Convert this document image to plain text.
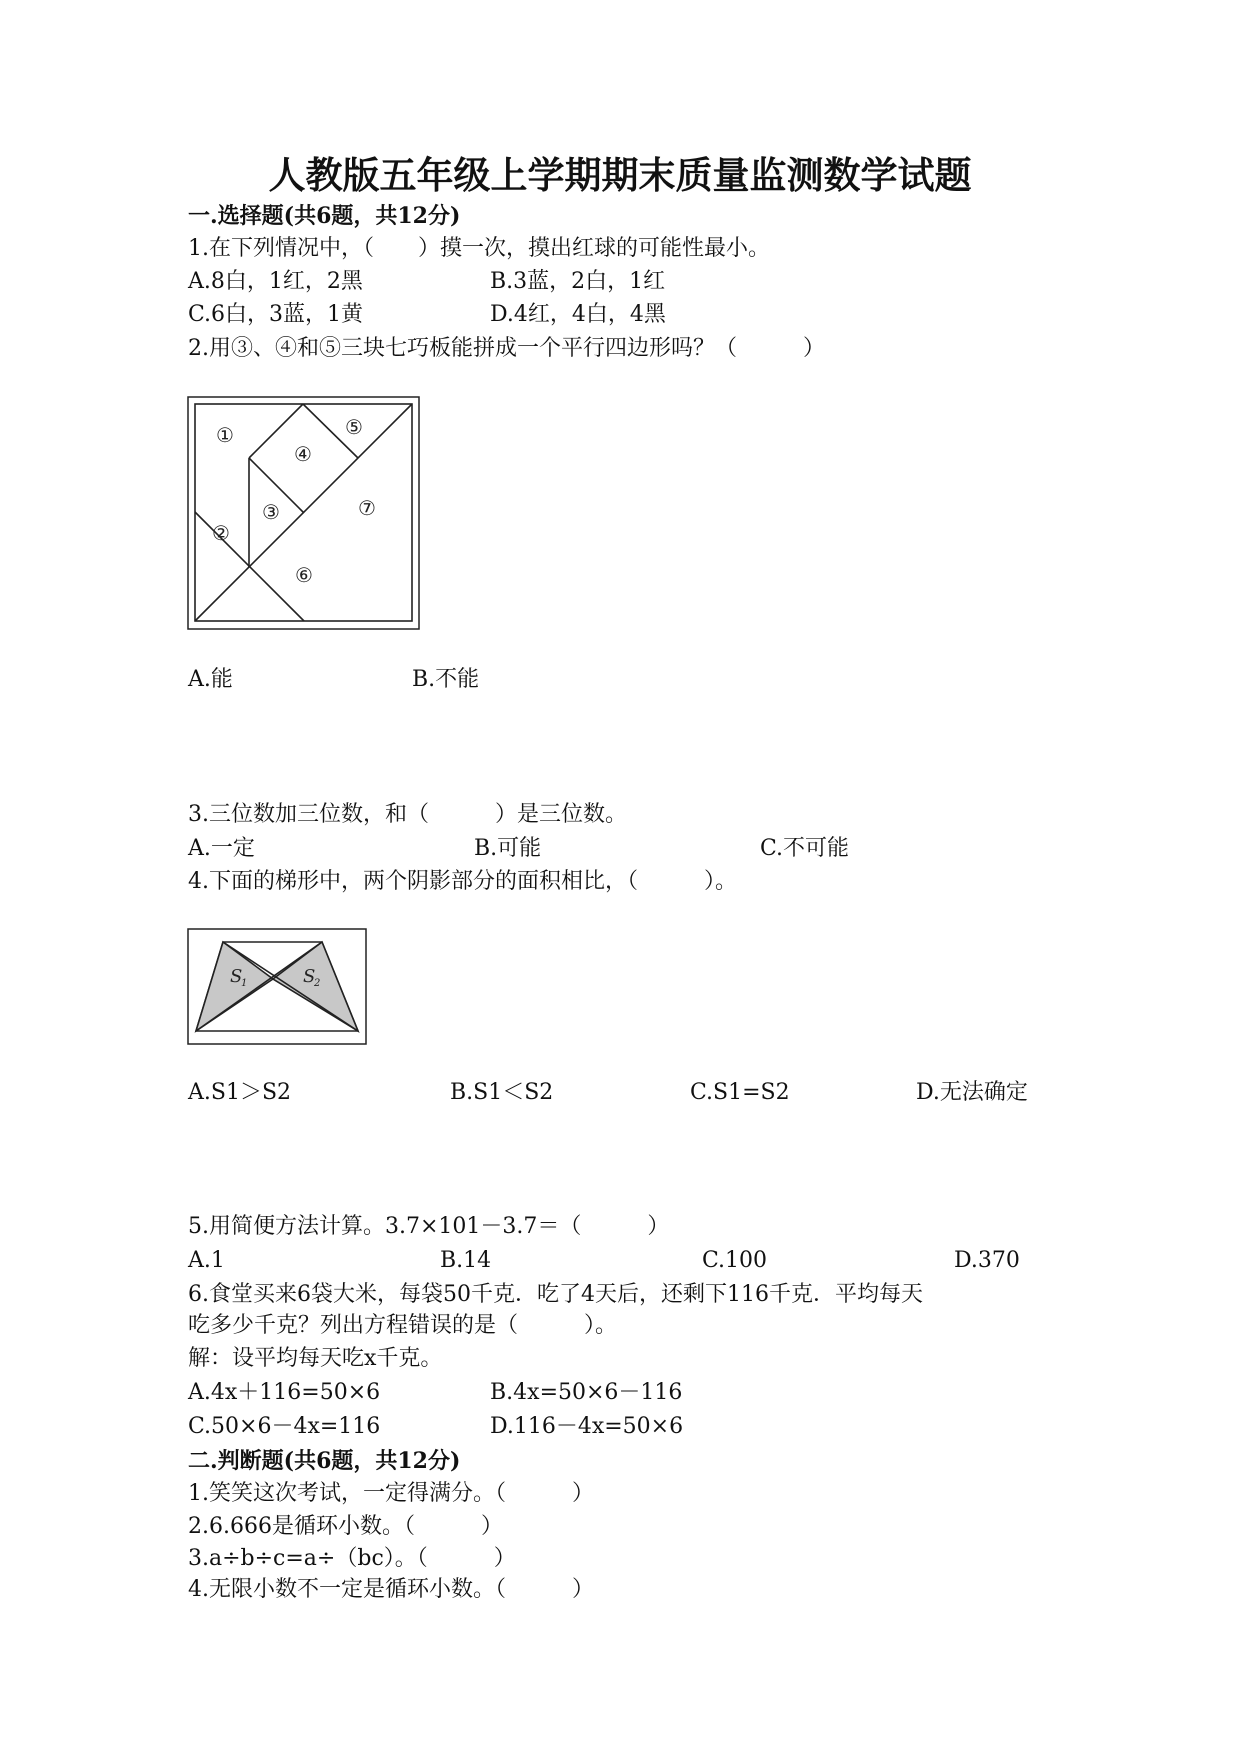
人教版五年级上学期期末质量监测数学试题
一.选择题(共6题，共12分)
1.在下列情况中，（　　）摸一次，摸出红球的可能性最小。
A.8白，1红，2黑	B.3蓝，2白，1红
C.6白，3蓝，1黄	D.4红，4白，4黑
2.用③、④和⑤三块七巧板能拼成一个平行四边形吗？（　　　）
①
②
③
④
⑤
⑥
⑦
A.能	B.不能
3.三位数加三位数，和（　　　）是三位数。
A.一定	B.可能	C.不可能
4.下面的梯形中，两个阴影部分的面积相比，（　　　）。
S
1	S
2
A.S1＞S2	B.S1＜S2	C.S1=S2	D.无法确定
5.用简便方法计算。3.7×101－3.7＝（　　　）
A.1	B.14	C.100	D.370
6.食堂买来6袋大米，每袋50千克．吃了4天后，还剩下116千克．平均每天
吃多少千克？列出方程错误的是（　　　）。
解：设平均每天吃x千克。
A.4x＋116=50×6	B.4x=50×6－116
C.50×6－4x=116	D.116－4x=50×6
二.判断题(共6题，共12分)
1.笑笑这次考试，一定得满分。（　　　）
2.6.666是循环小数。（　　　）
3.a÷b÷c=a÷（bc）。（　　　）
4.无限小数不一定是循环小数。（　　　）
